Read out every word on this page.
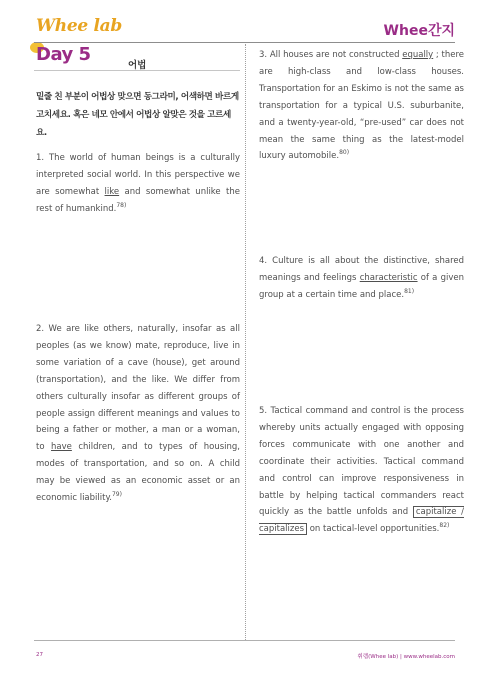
Whee lab	Whee간지
Day 5
어법
밑줄 친 부분이 어법상 맞으면 동그라미, 어색하면 바르게 고치세요. 혹은 네모 안에서 어법상 알맞은 것을 고르세요.
1. The world of human beings is a culturally interpreted social world. In this perspective we are somewhat like and somewhat unlike the rest of humankind.$^{78)}$
2. We are like others, naturally, insofar as all peoples (as we know) mate, reproduce, live in some variation of a cave (house), get around (transportation), and the like. We differ from others culturally insofar as different groups of people assign different meanings and values to being a father or mother, a man or a woman, to have children, and to types of housing, modes of transportation, and so on. A child may be viewed as an economic asset or an economic liability.$^{79)}$
3. All houses are not constructed equally ; there are high-class and low-class houses. Transportation for an Eskimo is not the same as transportation for a typical U.S. suburbanite, and a twenty-year-old, “pre-used” car does not mean the same thing as the latest-model luxury automobile.$^{80)}$
4. Culture is all about the distinctive, shared meanings and feelings characteristic of a given group at a certain time and place.$^{81)}$
5. Tactical command and control is the process whereby units actually engaged with opposing forces communicate with one another and coordinate their activities. Tactical command and control can improve responsiveness in battle by helping tactical commanders react quickly as the battle unfolds and capitalize / capitalizes on tactical-level opportunities.$^{82)}$
27	휘랩(Whee lab) | www.wheelab.com
